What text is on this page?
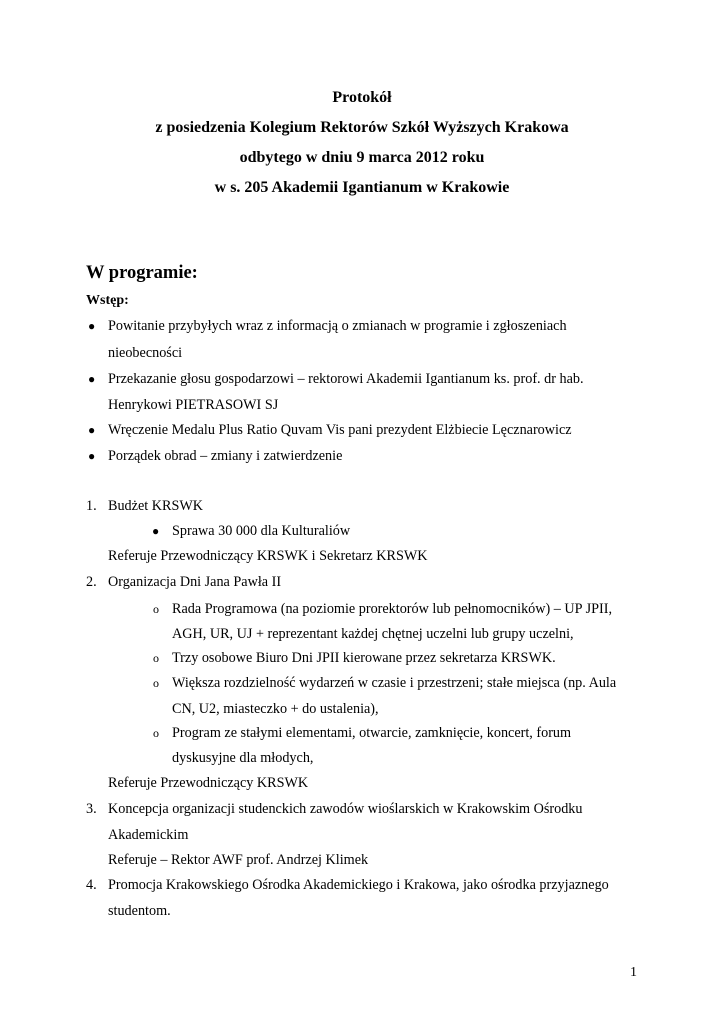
Protokół
z posiedzenia Kolegium Rektorów Szkół Wyższych Krakowa
odbytego w dniu 9 marca 2012 roku
w s. 205 Akademii Igantianum w Krakowie
W programie:
Wstęp:
● Powitanie przybyłych wraz z informacją o zmianach w programie i zgłoszeniach
nieobecności
● Przekazanie głosu gospodarzowi – rektorowi Akademii Igantianum ks. prof. dr hab.
Henrykowi PIETRASOWI SJ
● Wręczenie Medalu Plus Ratio Quvam Vis pani prezydent Elżbiecie Lęcznarowicz
● Porządek obrad – zmiany i zatwierdzenie
1. Budżet KRSWK
● Sprawa 30 000 dla Kulturaliów
Referuje Przewodniczący KRSWK i Sekretarz KRSWK
2. Organizacja Dni Jana Pawła II
o Rada Programowa (na poziomie prorektorów lub pełnomocników) – UP JPII,
AGH, UR, UJ + reprezentant każdej chętnej uczelni lub grupy uczelni,
o Trzy osobowe Biuro Dni JPII kierowane przez sekretarza KRSWK.
o Większa rozdzielność wydarzeń w czasie i przestrzeni; stałe miejsca (np. Aula
CN, U2, miasteczko + do ustalenia),
o Program ze stałymi elementami, otwarcie, zamknięcie, koncert, forum
dyskusyjne dla młodych,
Referuje Przewodniczący KRSWK
3. Koncepcja organizacji studenckich zawodów wioślarskich w Krakowskim Ośrodku
Akademickim
Referuje – Rektor AWF prof. Andrzej Klimek
4. Promocja Krakowskiego Ośrodka Akademickiego i Krakowa, jako ośrodka przyjaznego
studentom.
1
